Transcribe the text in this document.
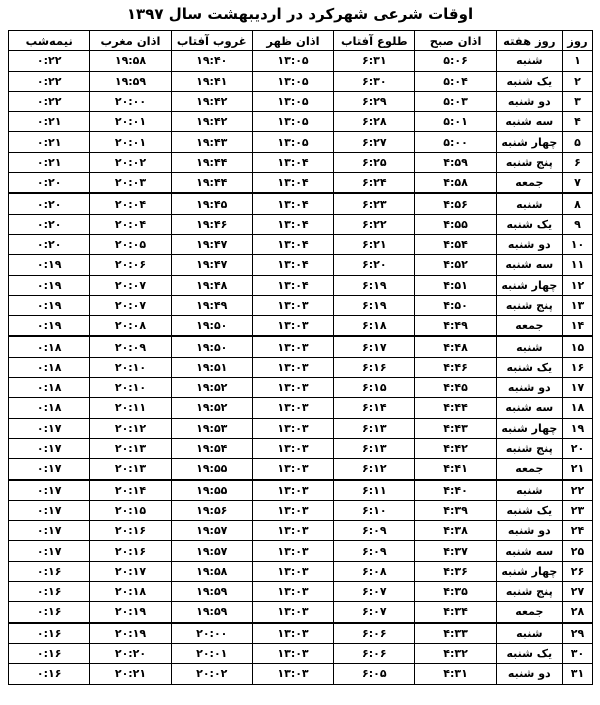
اوقات شرعی شهرکرد در اردیبهشت سال ۱۳۹۷
روز	روز هفته	اذان صبح	طلوع آفتاب	اذان ظهر	غروب آفتاب	اذان مغرب	نیمه‌شب
۱	شنبه	۵:۰۶	۶:۳۱	۱۳:۰۵	۱۹:۴۰	۱۹:۵۸	۰:۲۲
۲	یک شنبه	۵:۰۴	۶:۳۰	۱۳:۰۵	۱۹:۴۱	۱۹:۵۹	۰:۲۲
۳	دو شنبه	۵:۰۳	۶:۲۹	۱۳:۰۵	۱۹:۴۲	۲۰:۰۰	۰:۲۲
۴	سه شنبه	۵:۰۱	۶:۲۸	۱۳:۰۵	۱۹:۴۲	۲۰:۰۱	۰:۲۱
۵	چهار شنبه	۵:۰۰	۶:۲۷	۱۳:۰۵	۱۹:۴۳	۲۰:۰۱	۰:۲۱
۶	پنج شنبه	۴:۵۹	۶:۲۵	۱۳:۰۴	۱۹:۴۴	۲۰:۰۲	۰:۲۱
۷	جمعه	۴:۵۸	۶:۲۴	۱۳:۰۴	۱۹:۴۴	۲۰:۰۳	۰:۲۰
۸	شنبه	۴:۵۶	۶:۲۳	۱۳:۰۴	۱۹:۴۵	۲۰:۰۴	۰:۲۰
۹	یک شنبه	۴:۵۵	۶:۲۲	۱۳:۰۴	۱۹:۴۶	۲۰:۰۴	۰:۲۰
۱۰	دو شنبه	۴:۵۴	۶:۲۱	۱۳:۰۴	۱۹:۴۷	۲۰:۰۵	۰:۲۰
۱۱	سه شنبه	۴:۵۲	۶:۲۰	۱۳:۰۴	۱۹:۴۷	۲۰:۰۶	۰:۱۹
۱۲	چهار شنبه	۴:۵۱	۶:۱۹	۱۳:۰۴	۱۹:۴۸	۲۰:۰۷	۰:۱۹
۱۳	پنج شنبه	۴:۵۰	۶:۱۹	۱۳:۰۳	۱۹:۴۹	۲۰:۰۷	۰:۱۹
۱۴	جمعه	۴:۴۹	۶:۱۸	۱۳:۰۳	۱۹:۵۰	۲۰:۰۸	۰:۱۹
۱۵	شنبه	۴:۴۸	۶:۱۷	۱۳:۰۳	۱۹:۵۰	۲۰:۰۹	۰:۱۸
۱۶	یک شنبه	۴:۴۶	۶:۱۶	۱۳:۰۳	۱۹:۵۱	۲۰:۱۰	۰:۱۸
۱۷	دو شنبه	۴:۴۵	۶:۱۵	۱۳:۰۳	۱۹:۵۲	۲۰:۱۰	۰:۱۸
۱۸	سه شنبه	۴:۴۴	۶:۱۴	۱۳:۰۳	۱۹:۵۲	۲۰:۱۱	۰:۱۸
۱۹	چهار شنبه	۴:۴۳	۶:۱۳	۱۳:۰۳	۱۹:۵۳	۲۰:۱۲	۰:۱۷
۲۰	پنج شنبه	۴:۴۲	۶:۱۳	۱۳:۰۳	۱۹:۵۴	۲۰:۱۳	۰:۱۷
۲۱	جمعه	۴:۴۱	۶:۱۲	۱۳:۰۳	۱۹:۵۵	۲۰:۱۳	۰:۱۷
۲۲	شنبه	۴:۴۰	۶:۱۱	۱۳:۰۳	۱۹:۵۵	۲۰:۱۴	۰:۱۷
۲۳	یک شنبه	۴:۳۹	۶:۱۰	۱۳:۰۳	۱۹:۵۶	۲۰:۱۵	۰:۱۷
۲۴	دو شنبه	۴:۳۸	۶:۰۹	۱۳:۰۳	۱۹:۵۷	۲۰:۱۶	۰:۱۷
۲۵	سه شنبه	۴:۳۷	۶:۰۹	۱۳:۰۳	۱۹:۵۷	۲۰:۱۶	۰:۱۷
۲۶	چهار شنبه	۴:۳۶	۶:۰۸	۱۳:۰۳	۱۹:۵۸	۲۰:۱۷	۰:۱۶
۲۷	پنج شنبه	۴:۳۵	۶:۰۷	۱۳:۰۳	۱۹:۵۹	۲۰:۱۸	۰:۱۶
۲۸	جمعه	۴:۳۴	۶:۰۷	۱۳:۰۳	۱۹:۵۹	۲۰:۱۹	۰:۱۶
۲۹	شنبه	۴:۳۳	۶:۰۶	۱۳:۰۳	۲۰:۰۰	۲۰:۱۹	۰:۱۶
۳۰	یک شنبه	۴:۳۲	۶:۰۶	۱۳:۰۳	۲۰:۰۱	۲۰:۲۰	۰:۱۶
۳۱	دو شنبه	۴:۳۱	۶:۰۵	۱۳:۰۳	۲۰:۰۲	۲۰:۲۱	۰:۱۶
